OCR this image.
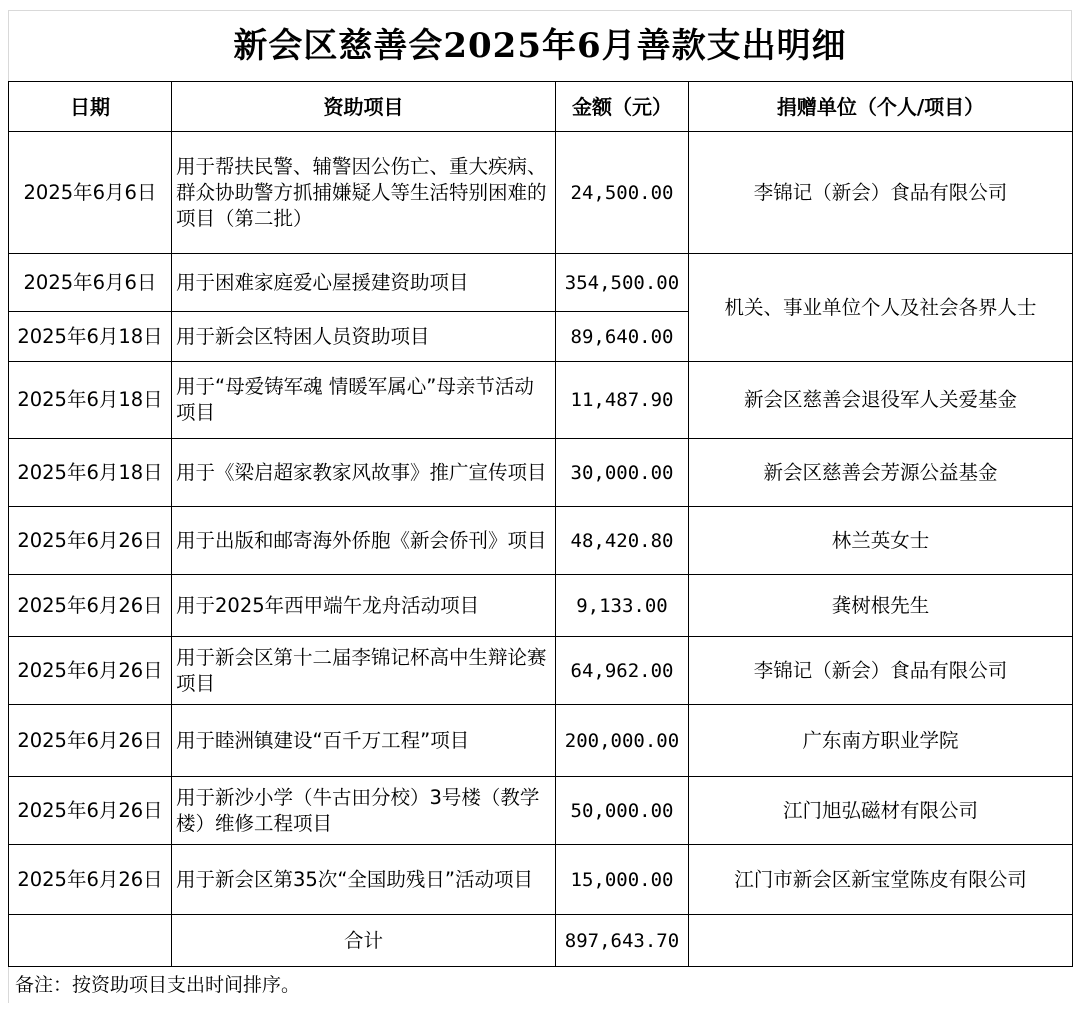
新会区慈善会2025年6月善款支出明细
日期	资助项目	金额（元）	捐赠单位（个人/项目）
2025年6月6日	用于帮扶民警、辅警因公伤亡、重大疾病、群众协助警方抓捕嫌疑人等生活特别困难的项目（第二批）	24,500.00	李锦记（新会）食品有限公司
2025年6月6日	用于困难家庭爱心屋援建资助项目	354,500.00	机关、事业单位个人及社会各界人士
2025年6月18日	用于新会区特困人员资助项目	89,640.00	
2025年6月18日	用于“母爱铸军魂 情暖军属心”母亲节活动项目	11,487.90	新会区慈善会退役军人关爱基金
2025年6月18日	用于《梁启超家教家风故事》推广宣传项目	30,000.00	新会区慈善会芳源公益基金
2025年6月26日	用于出版和邮寄海外侨胞《新会侨刊》项目	48,420.80	林兰英女士
2025年6月26日	用于2025年西甲端午龙舟活动项目	9,133.00	龚树根先生
2025年6月26日	用于新会区第十二届李锦记杯高中生辩论赛项目	64,962.00	李锦记（新会）食品有限公司
2025年6月26日	用于睦洲镇建设“百千万工程”项目	200,000.00	广东南方职业学院
2025年6月26日	用于新沙小学（牛古田分校）3号楼（教学楼）维修工程项目	50,000.00	江门旭弘磁材有限公司
2025年6月26日	用于新会区第35次“全国助残日”活动项目	15,000.00	江门市新会区新宝堂陈皮有限公司
	合计	897,643.70	
备注：按资助项目支出时间排序。
